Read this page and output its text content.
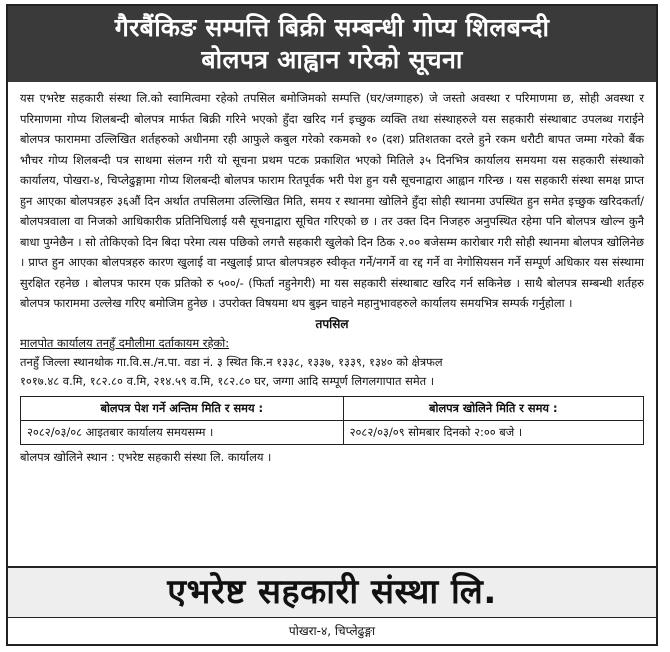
गैरबैंकिङ सम्पत्ति बिक्री सम्बन्धी गोप्य शिलबन्दी
बोलपत्र आह्वान गरेको सूचना
यस एभरेष्ट सहकारी संस्था लि.को स्वामित्वमा रहेको तपसिल बमोजिमको सम्पत्ति (घर/जग्गाहरु) जे जस्तो अवस्था र परिमाणमा छ, सोही अवस्था र परिमाणमा गोप्य शिलबन्दी बोलपत्र मार्फत बिक्री गरिने भएको हुँदा खरिद गर्न इच्छुक व्यक्ति तथा संस्थाहरुले यस सहकारी संस्थाबाट उपलब्ध गराईने बोलपत्र फाराममा उल्लिखित शर्तहरुको अधीनमा रही आफुले कबुल गरेको रकमको १० (दश) प्रतिशतका दरले हुने रकम धरौटी बापत जम्मा गरेको बैंक भौचर गोप्य शिलबन्दी पत्र साथमा संलग्न गरी यो सूचना प्रथम पटक प्रकाशित भएको मितिले ३५ दिनभित्र कार्यालय समयमा यस सहकारी संस्थाको कार्यालय, पोखरा-४, चिप्लेढुङ्गामा गोप्य शिलबन्दी बोलपत्र फाराम रितपूर्वक भरी पेश हुन यसै सूचनाद्वारा आह्वान गरिन्छ । यस सहकारी संस्था समक्ष प्राप्त हुन आएका बोलपत्रहरु ३६औं दिन अर्थात तपसिलमा उल्लिखित मिति, समय र स्थानमा खोलिने हुँदा सोही स्थानमा उपस्थित हुन समेत इच्छुक खरिदकर्ता/बोलपत्रवाला वा निजको आधिकारीक प्रतिनिधिलाई यसै सूचनाद्वारा सूचित गरिएको छ । तर उक्त दिन निजहरु अनुपस्थित रहेमा पनि बोलपत्र खोल्न कुनै बाधा पुग्नेछैन । सो तोकिएको दिन बिदा परेमा त्यस पछिको लगत्तै सहकारी खुलेको दिन ठिक २.०० बजेसम्म कारोबार गरी सोही स्थानमा बोलपत्र खोलिनेछ । प्राप्त हुन आएका बोलपत्रहरु कारण खुलाई वा नखुलाई प्राप्त बोलपत्रहरु स्वीकृत गर्ने/नगर्ने वा रद्द गर्ने वा नेगोसियसन गर्ने सम्पूर्ण अधिकार यस संस्थामा सुरक्षित रहनेछ । बोलपत्र फारम एक प्रतिको रु ५००/- (फिर्ता नहुनेगरी) मा यस सहकारी संस्थाबाट खरिद गर्न सकिनेछ । साथै बोलपत्र सम्बन्धी शर्तहरु बोलपत्र फाराममा उल्लेख गरिए बमोजिम हुनेछ । उपरोक्त विषयमा थप बुझ्न चाहने महानुभावहरुले कार्यालय समयभित्र सम्पर्क गर्नुहोला ।
तपसिल
मालपोत कार्यालय तनहुँ दमौलीमा दर्ताकायम रहेको:
तनहुँ जिल्ला स्थानथोक गा.वि.स./न.पा. वडा नं. ३ स्थित कि.न १३३८, १३३७, १३३९, १३४० को क्षेत्रफल
१०१७.४८ व.मि, १८२.८० व.मि, २१४.५९ व.मि, १८२.८० घर, जग्गा आदि सम्पूर्ण लिगलगापात समेत ।
बोलपत्र पेश गर्ने अन्तिम मिति र समय :	बोलपत्र खोलिने मिति र समय :
२०८२/०३/०८ आइतबार कार्यालय समयसम्म ।	२०८२/०३/०९ सोमबार दिनको २:०० बजे ।
बोलपत्र खोलिने स्थान : एभरेष्ट सहकारी संस्था लि. कार्यालय ।
एभरेष्ट सहकारी संस्था लि.
पोखरा-४, चिप्लेढुङ्गा
